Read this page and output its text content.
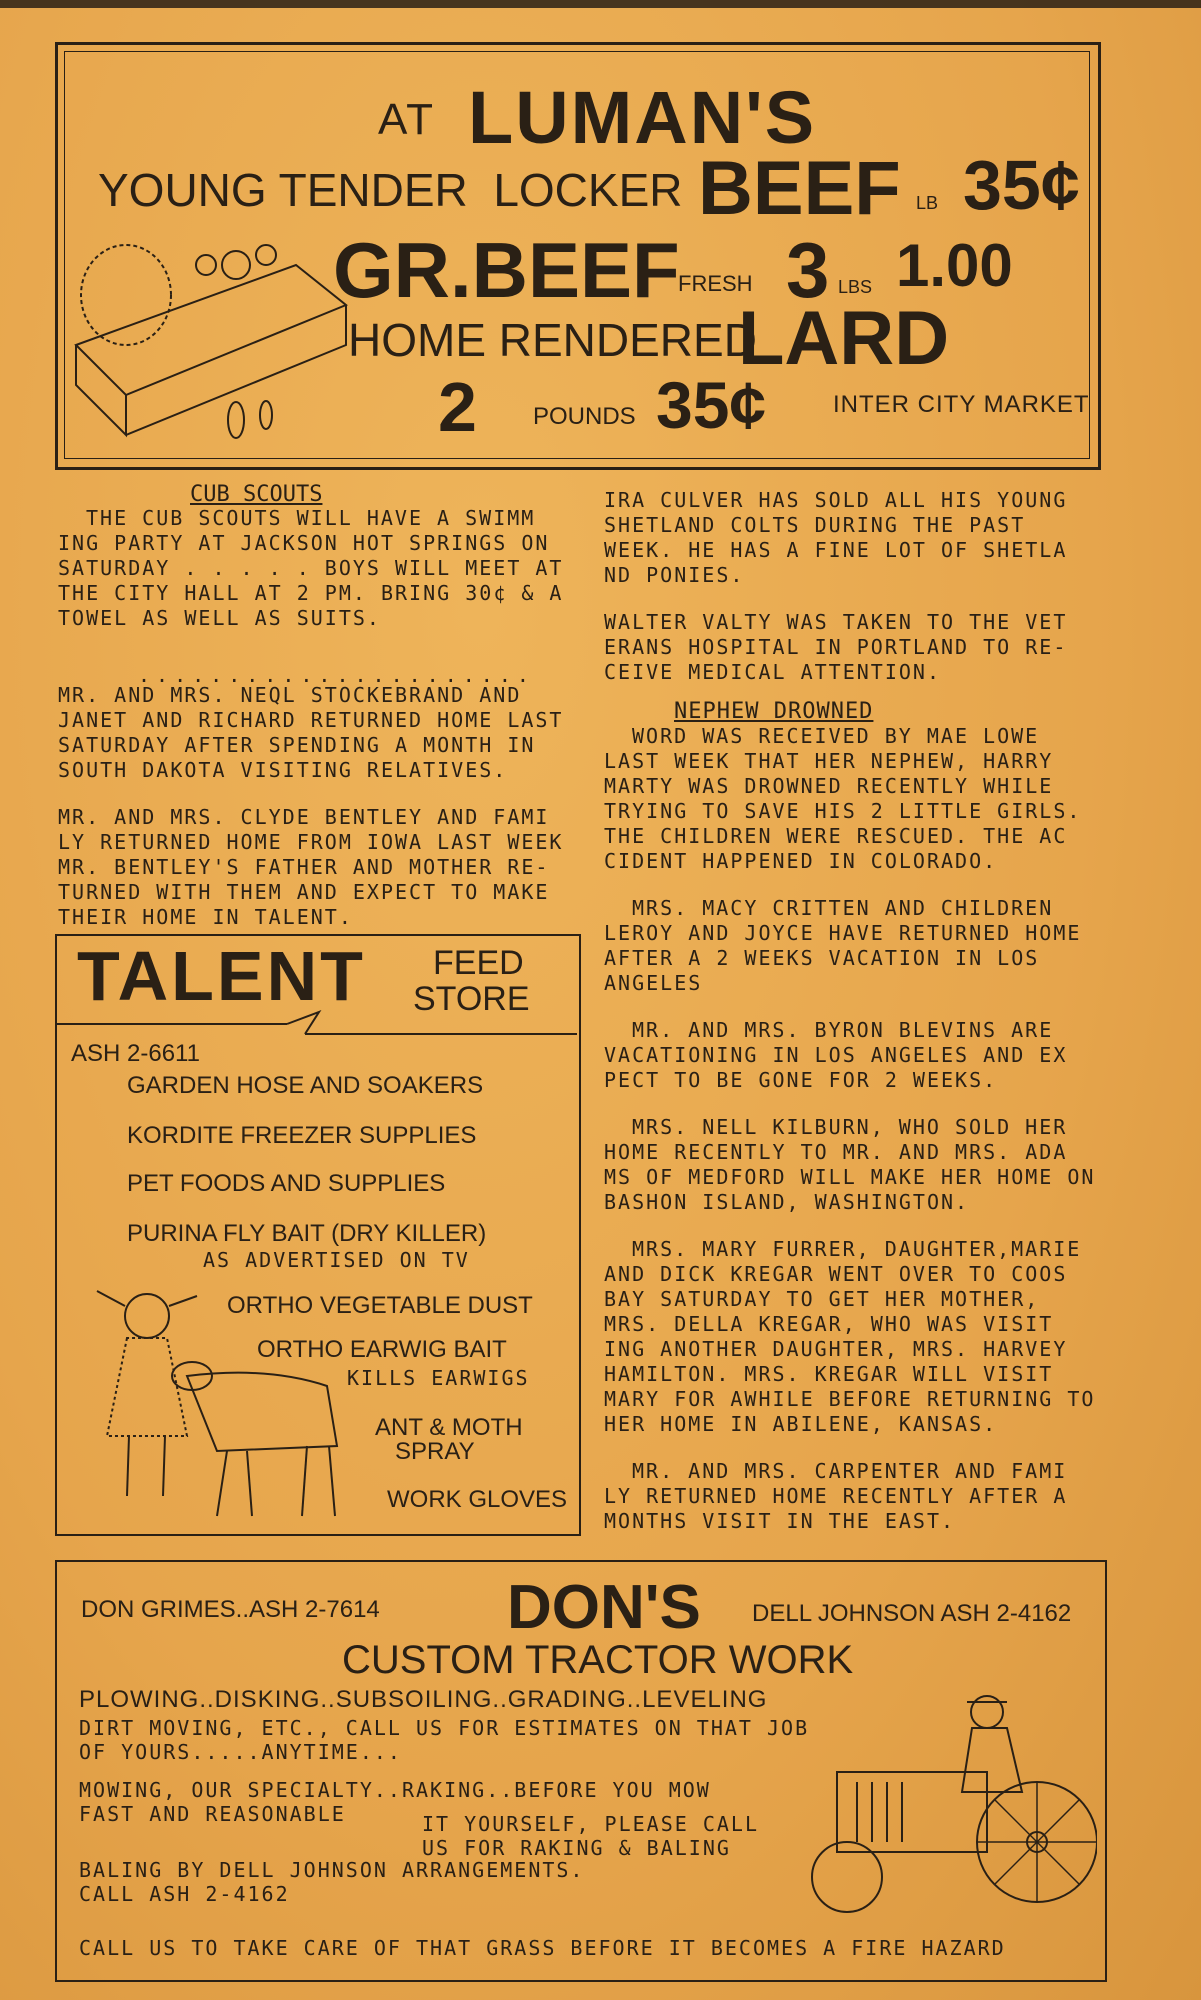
AT LUMAN'S
YOUNG TENDER  LOCKER BEEF LB 35¢
GR.BEEF
FRESH 3 LBS 1.00
HOME RENDERED
LARD
2 POUNDS 35¢	INTER CITY MARKET
CUB SCOUTS

THE CUB SCOUTS WILL HAVE A SWIMM ING PARTY AT JACKSON HOT SPRINGS ON SATURDAY . . . . . BOYS WILL MEET AT THE CITY HALL AT 2 PM. BRING 30¢ & A TOWEL AS WELL AS SUITS.

......................

MR. AND MRS. NEQL STOCKEBRAND AND JANET AND RICHARD RETURNED HOME LAST SATURDAY AFTER SPENDING A MONTH IN SOUTH DAKOTA VISITING RELATIVES.

MR. AND MRS. CLYDE BENTLEY AND FAMI LY RETURNED HOME FROM IOWA LAST WEEK MR. BENTLEY'S FATHER AND MOTHER RE- TURNED WITH THEM AND EXPECT TO MAKE THEIR HOME IN TALENT.

IRA CULVER HAS SOLD ALL HIS YOUNG SHETLAND COLTS DURING THE PAST WEEK. HE HAS A FINE LOT OF SHETLA ND PONIES.

WALTER VALTY WAS TAKEN TO THE VET ERANS HOSPITAL IN PORTLAND TO RE- CEIVE MEDICAL ATTENTION.

NEPHEW DROWNED

WORD WAS RECEIVED BY MAE LOWE LAST WEEK THAT HER NEPHEW, HARRY MARTY WAS DROWNED RECENTLY WHILE TRYING TO SAVE HIS 2 LITTLE GIRLS. THE CHILDREN WERE RESCUED. THE AC CIDENT HAPPENED IN COLORADO.

MRS. MACY CRITTEN AND CHILDREN LEROY AND JOYCE HAVE RETURNED HOME AFTER A 2 WEEKS VACATION IN LOS ANGELES

MR. AND MRS. BYRON BLEVINS ARE VACATIONING IN LOS ANGELES AND EX PECT TO BE GONE FOR 2 WEEKS.

MRS. NELL KILBURN, WHO SOLD HER HOME RECENTLY TO MR. AND MRS. ADA MS OF MEDFORD WILL MAKE HER HOME ON BASHON ISLAND, WASHINGTON.

MRS. MARY FURRER, DAUGHTER,MARIE AND DICK KREGAR WENT OVER TO COOS BAY SATURDAY TO GET HER MOTHER, MRS. DELLA KREGAR, WHO WAS VISIT ING ANOTHER DAUGHTER, MRS. HARVEY HAMILTON. MRS. KREGAR WILL VISIT MARY FOR AWHILE BEFORE RETURNING TO HER HOME IN ABILENE, KANSAS.

MR. AND MRS. CARPENTER AND FAMI LY RETURNED HOME RECENTLY AFTER A MONTHS VISIT IN THE EAST.

TALENT FEED
STORE
ASH 2-6611
GARDEN HOSE AND SOAKERS
KORDITE FREEZER SUPPLIES
PET FOODS AND SUPPLIES
PURINA FLY BAIT (DRY KILLER)
AS ADVERTISED ON TV
ORTHO VEGETABLE DUST
ORTHO EARWIG BAIT
KILLS EARWIGS
ANT & MOTH
SPRAY
WORK GLOVES
DON GRIMES..ASH 2-7614 DON'S DELL JOHNSON ASH 2-4162
CUSTOM TRACTOR WORK
PLOWING..DISKING..SUBSOILING..GRADING..LEVELING
DIRT MOVING, ETC., CALL US FOR ESTIMATES ON THAT JOB
OF YOURS.....ANYTIME...
MOWING, OUR SPECIALTY..RAKING..BEFORE YOU MOW
FAST AND REASONABLE	IT YOURSELF, PLEASE CALL
US FOR RAKING & BALING
BALING BY DELL JOHNSON ARRANGEMENTS.
CALL ASH 2-4162
CALL US TO TAKE CARE OF THAT GRASS BEFORE IT BECOMES A FIRE HAZARD
